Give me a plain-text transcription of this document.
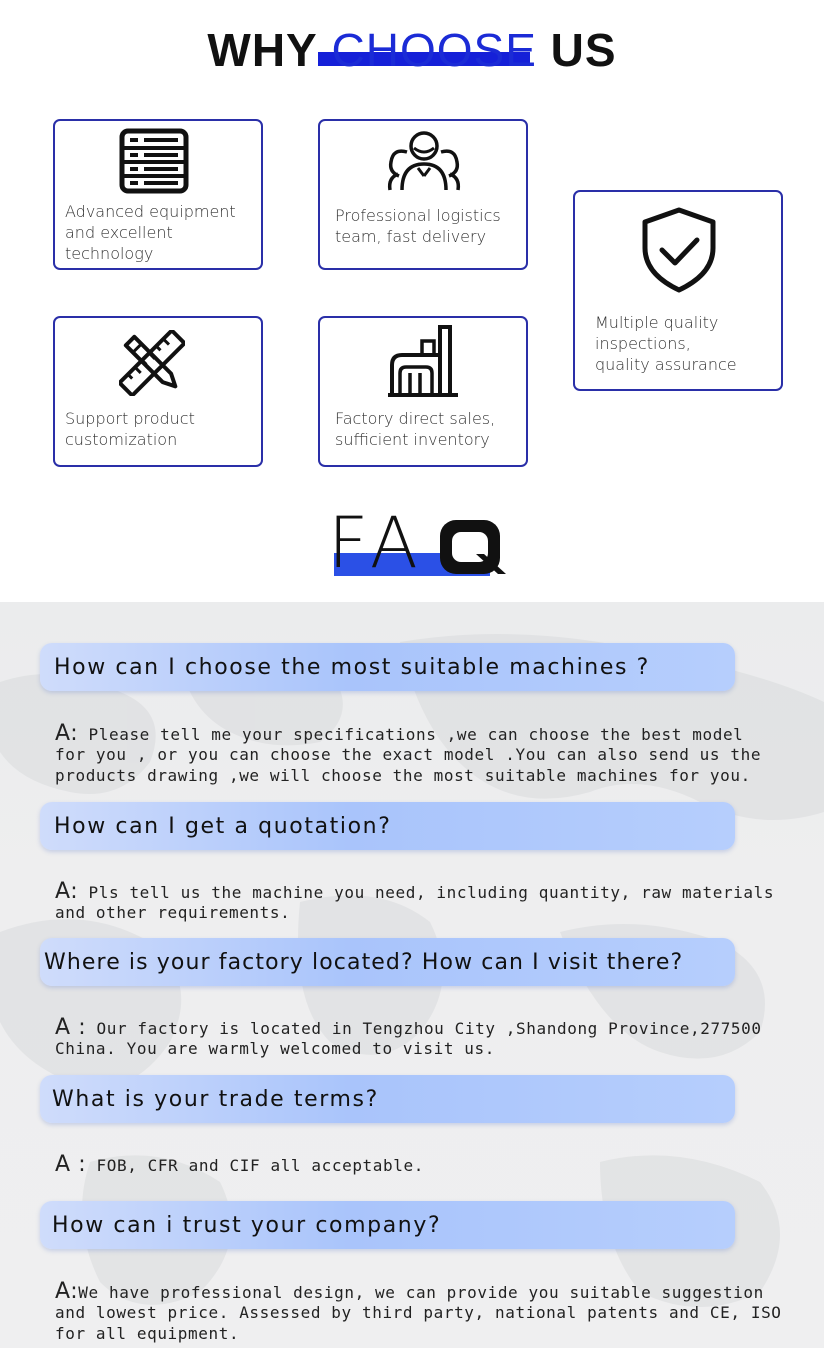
WHY CHOOSE US
Advanced equipment
and excellent
technology
Professional logistics
team, fast delivery
Multiple quality
inspections,
quality assurance
Support product
customization
Factory direct sales,
sufficient inventory
FA	Q
How can I choose the most suitable machines ?

A: Please tell me your specifications ,we can choose the best model
for you , or you can choose the exact model .You can also send us the
products drawing ,we will choose the most suitable machines for you.

How can I get a quotation?

A: Pls tell us the machine you need, including quantity, raw materials
and other requirements.

Where is your factory located? How can I visit there?

A : Our factory is located in Tengzhou City ,Shandong Province,277500
China. You are warmly welcomed to visit us.

What is your trade terms?

A : FOB, CFR and CIF all acceptable.

How can i trust your company?

A:We have professional design, we can provide you suitable suggestion
and lowest price. Assessed by third party, national patents and CE, ISO
for all equipment.
